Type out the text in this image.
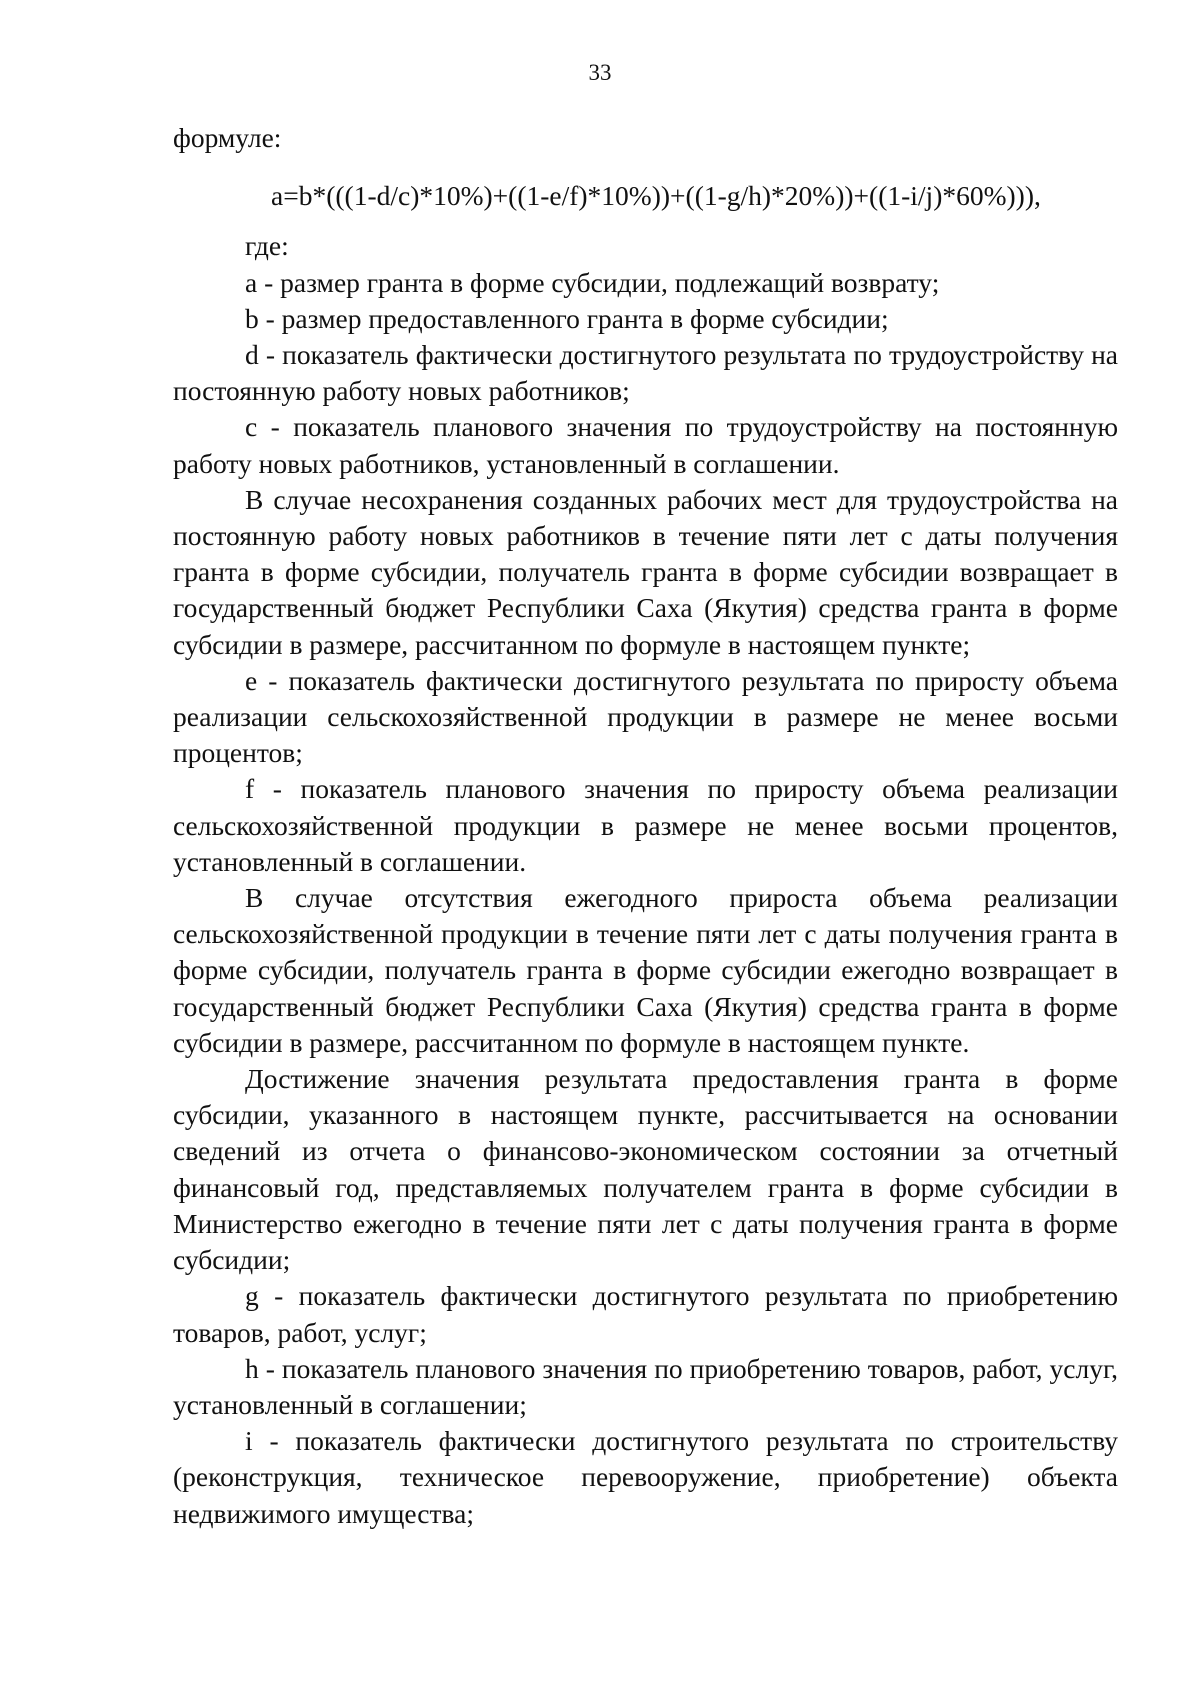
33

формуле:

a=b*(((1-d/c)*10%)+((1-e/f)*10%))+((1-g/h)*20%))+((1-i/j)*60%))),

где:

a - размер гранта в форме субсидии, подлежащий возврату;

b - размер предоставленного гранта в форме субсидии;

d - показатель фактически достигнутого результата по трудоустройству на постоянную работу новых работников;

c - показатель планового значения по трудоустройству на постоянную работу новых работников, установленный в соглашении.

В случае несохранения созданных рабочих мест для трудоустройства на постоянную работу новых работников в течение пяти лет с даты получения гранта в форме субсидии, получатель гранта в форме субсидии возвращает в государственный бюджет Республики Саха (Якутия) средства гранта в форме субсидии в размере, рассчитанном по формуле в настоящем пункте;

e - показатель фактически достигнутого результата по приросту объема реализации сельскохозяйственной продукции в размере не менее восьми процентов;

f - показатель планового значения по приросту объема реализации сельскохозяйственной продукции в размере не менее восьми процентов, установленный в соглашении.

В случае отсутствия ежегодного прироста объема реализации сельскохозяйственной продукции в течение пяти лет с даты получения гранта в форме субсидии, получатель гранта в форме субсидии ежегодно возвращает в государственный бюджет Республики Саха (Якутия) средства гранта в форме субсидии в размере, рассчитанном по формуле в настоящем пункте.

Достижение значения результата предоставления гранта в форме субсидии, указанного в настоящем пункте, рассчитывается на основании сведений из отчета о финансово-экономическом состоянии за отчетный финансовый год, представляемых получателем гранта в форме субсидии в Министерство ежегодно в течение пяти лет с даты получения гранта в форме субсидии;

g - показатель фактически достигнутого результата по приобретению товаров, работ, услуг;

h - показатель планового значения по приобретению товаров, работ, услуг, установленный в соглашении;

i - показатель фактически достигнутого результата по строительству (реконструкция, техническое перевооружение, приобретение) объекта недвижимого имущества;
